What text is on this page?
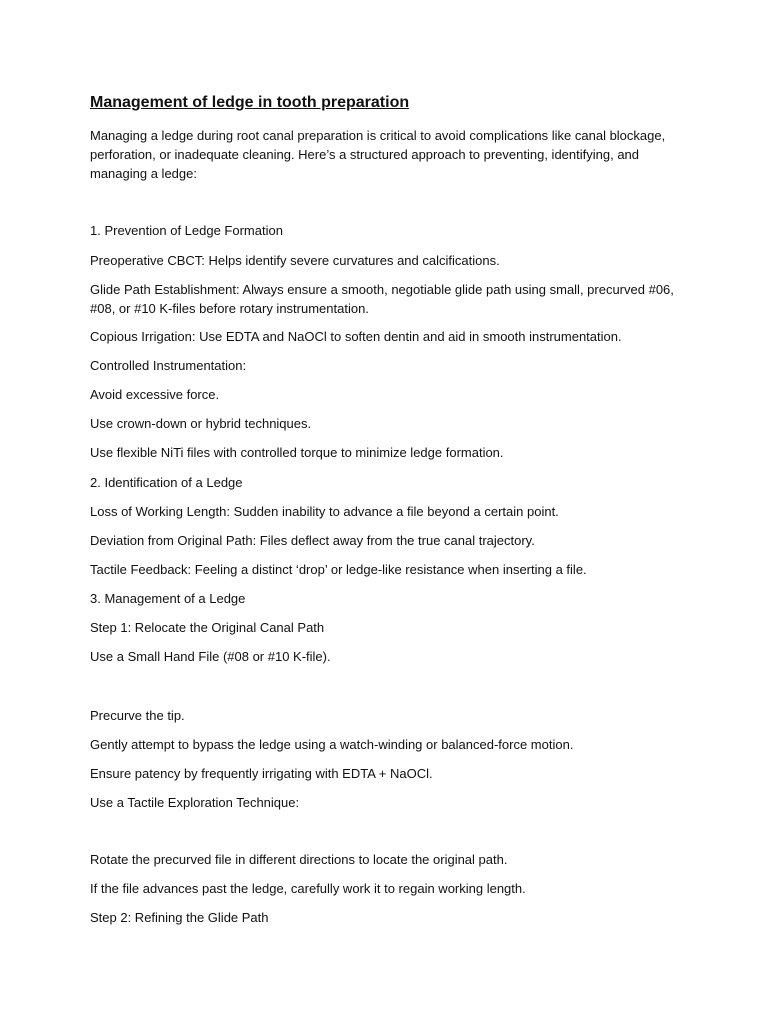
Management of ledge in tooth preparation
Managing a ledge during root canal preparation is critical to avoid complications like canal blockage, perforation, or inadequate cleaning. Here’s a structured approach to preventing, identifying, and managing a ledge:
1. Prevention of Ledge Formation
Preoperative CBCT: Helps identify severe curvatures and calcifications.
Glide Path Establishment: Always ensure a smooth, negotiable glide path using small, precurved #06, #08, or #10 K-files before rotary instrumentation.
Copious Irrigation: Use EDTA and NaOCl to soften dentin and aid in smooth instrumentation.
Controlled Instrumentation:
Avoid excessive force.
Use crown-down or hybrid techniques.
Use flexible NiTi files with controlled torque to minimize ledge formation.
2. Identification of a Ledge
Loss of Working Length: Sudden inability to advance a file beyond a certain point.
Deviation from Original Path: Files deflect away from the true canal trajectory.
Tactile Feedback: Feeling a distinct ‘drop’ or ledge-like resistance when inserting a file.
3. Management of a Ledge
Step 1: Relocate the Original Canal Path
Use a Small Hand File (#08 or #10 K-file).
Precurve the tip.
Gently attempt to bypass the ledge using a watch-winding or balanced-force motion.
Ensure patency by frequently irrigating with EDTA + NaOCl.
Use a Tactile Exploration Technique:
Rotate the precurved file in different directions to locate the original path.
If the file advances past the ledge, carefully work it to regain working length.
Step 2: Refining the Glide Path
